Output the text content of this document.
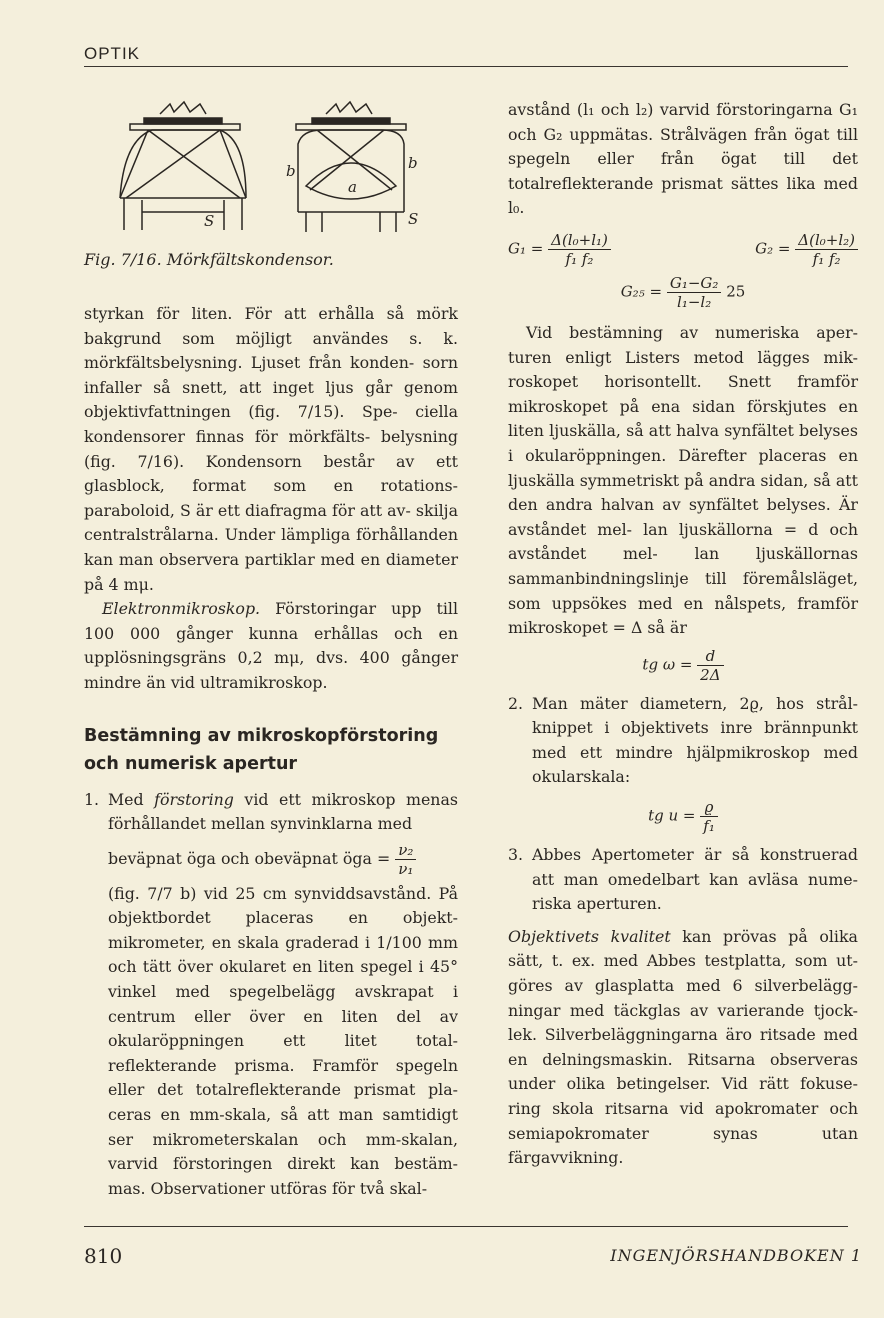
OPTIK
S	S
b	b
a
Fig. 7/16. Mörkfältskondensor.

styrkan för liten. För att erhålla så mörk bakgrund som möjligt användes s. k. mörkfältsbelysning. Ljuset från konden- sorn infaller så snett, att inget ljus går genom objektivfattningen (fig. 7/15). Spe- ciella kondensorer finnas för mörkfälts- belysning (fig. 7/16). Kondensorn består av ett glasblock, format som en rotations- paraboloid, S är ett diafragma för att av- skilja centralstrålarna. Under lämpliga förhållanden kan man observera partiklar med en diameter på 4 mμ.

Elektronmikroskop. Förstoringar upp till 100 000 gånger kunna erhållas och en upplösningsgräns 0,2 mμ, dvs. 400 gånger mindre än vid ultramikroskop.

Bestämning av mikroskopförstoring och numerisk apertur

1. Med förstoring vid ett mikroskop menas förhållandet mellan synvinklarna med

beväpnat öga och obeväpnat öga = $\frac{\text{ν₂}}{\text{ν₁}}$

(fig. 7/7 b) vid 25 cm synviddsavstånd. På objektbordet placeras en objekt- mikrometer, en skala graderad i 1/100 mm och tätt över okularet en liten spegel i 45° vinkel med spegelbelägg avskrapat i centrum eller över en liten del av okularöppningen ett litet total- reflekterande prisma. Framför spegeln eller det totalreflekterande prismat pla- ceras en mm-skala, så att man samtidigt ser mikrometerskalan och mm-skalan, varvid förstoringen direkt kan bestäm- mas. Observationer utföras för två skal-

avstånd (l₁ och l₂) varvid förstoringarna G₁ och G₂ uppmätas. Strålvägen från ögat till spegeln eller från ögat till det totalreflekterande prismat sättes lika med l₀.

$G_1 = \frac{\text{Δ(l₀+l₁)}}{\text{f₁ f₂}}$	$G_2 = \frac{\text{Δ(l₀+l₂)}}{\text{f₁ f₂}}$
$G_{25} = \frac{\text{G₁−G₂}}{\text{l₁−l₂}} 25$

Vid bestämning av numeriska aper- turen enligt Listers metod lägges mik- roskopet horisontellt. Snett framför mikroskopet på ena sidan förskjutes en liten ljuskälla, så att halva synfältet belyses i okularöppningen. Därefter placeras en ljuskälla symmetriskt på andra sidan, så att den andra halvan av synfältet belyses. Är avståndet mel- lan ljuskällorna = d och avståndet mel- lan ljuskällornas sammanbindningslinje till föremålsläget, som uppsökes med en nålspets, framför mikroskopet = Δ så är

tg $\omega = \frac{d}{2\Delta}$
2. Man mäter diametern, 2ϱ, hos strål- knippet i objektivets inre brännpunkt med ett mindre hjälpmikroskop med okularskala:

tg $u = \frac{ϱ}{\text{f₁}}$
3. Abbes Apertometer är så konstruerad att man omedelbart kan avläsa nume- riska aperturen.

Objektivets kvalitet kan prövas på olika sätt, t. ex. med Abbes testplatta, som ut- göres av glasplatta med 6 silverbelägg- ningar med täckglas av varierande tjock- lek. Silverbeläggningarna äro ritsade med en delningsmaskin. Ritsarna observeras under olika betingelser. Vid rätt fokuse- ring skola ritsarna vid apokromater och semiapokromater synas utan färgavvikning.

810	INGENJÖRSHANDBOKEN 1
